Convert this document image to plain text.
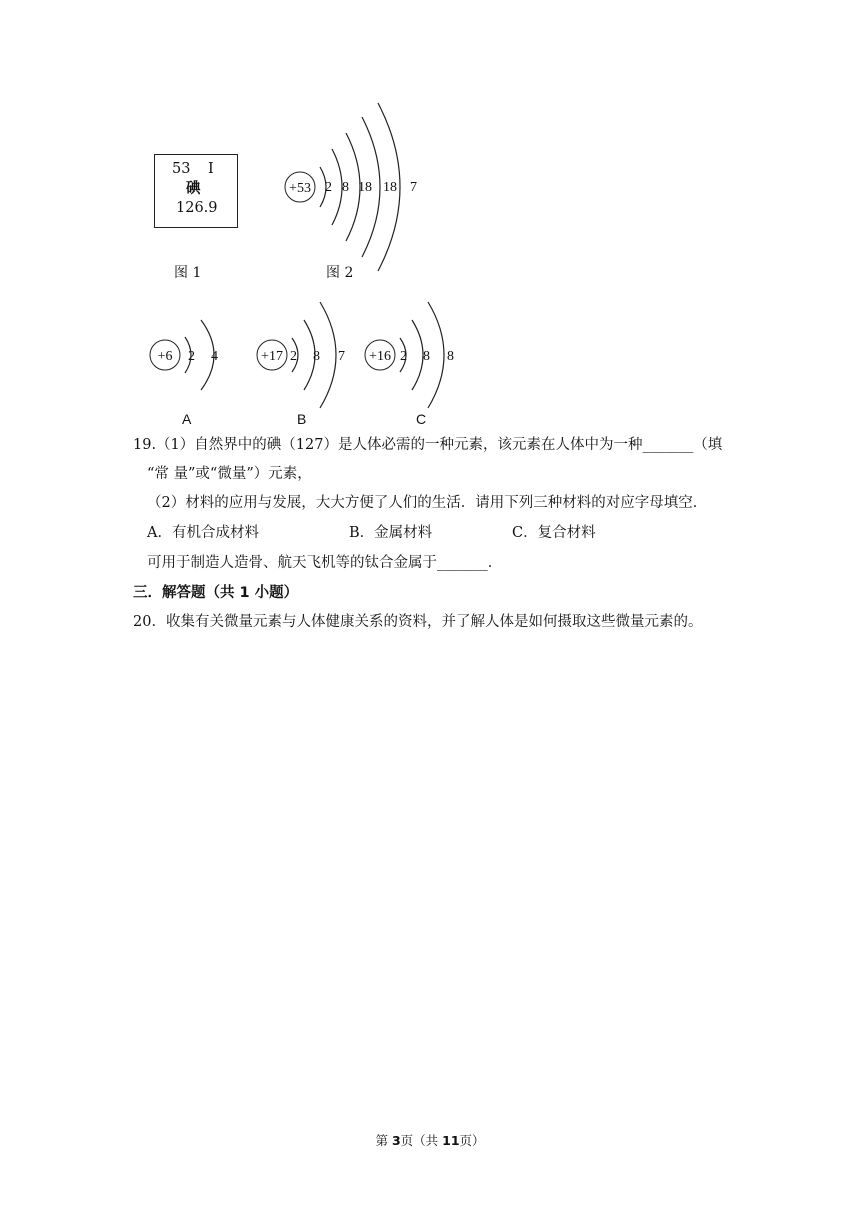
53 I
碘
126.9
图 1
+53 2 8 18 18 7
图 2
+6 2 4
A
+17 2 8 7
B
+16 2 8 8
C
19.（1）自然界中的碘（127）是人体必需的一种元素，该元素在人体中为一种_______（填
“常 量”或“微量”）元素，
（2）材料的应用与发展，大大方便了人们的生活．请用下列三种材料的对应字母填空．
A．有机合成材料	B．金属材料	C．复合材料
可用于制造人造骨、航天飞机等的钛合金属于_______．
三．解答题（共 1 小题）
20．收集有关微量元素与人体健康关系的资料，并了解人体是如何摄取这些微量元素的。
第 3页（共 11页）
